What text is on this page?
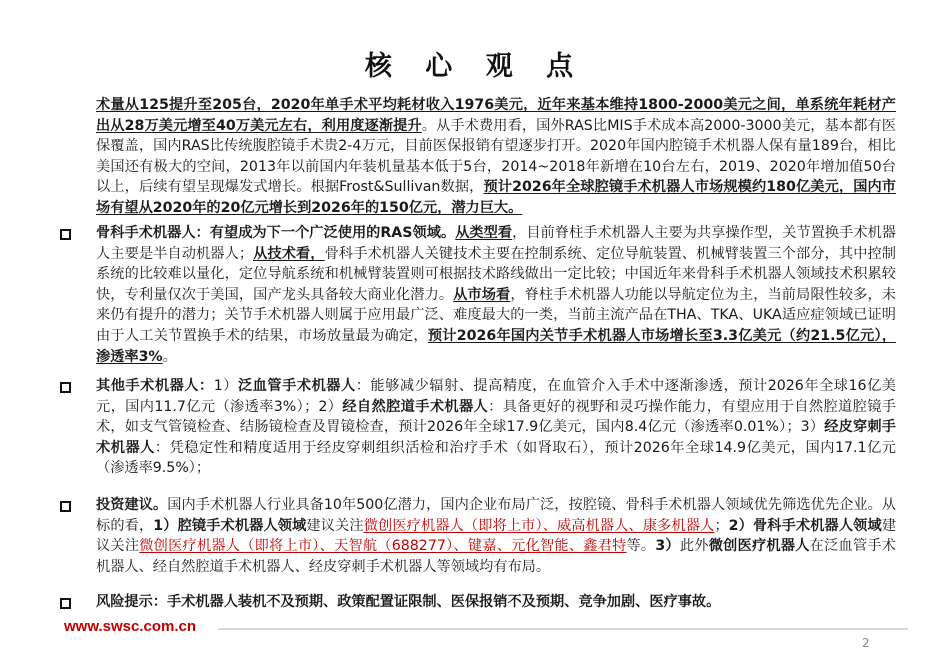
核 心 观 点

术量从125提升至205台，2020年单手术平均耗材收入1976美元，近年来基本维持1800-2000美元之间，单系统年耗材产出从28万美元增至40万美元左右，利用度逐渐提升。从手术费用看，国外RAS比MIS手术成本高2000-3000美元，基本都有医保覆盖，国内RAS比传统腹腔镜手术贵2-4万元，目前医保报销有望逐步打开。2020年国内腔镜手术机器人保有量189台，相比美国还有极大的空间，2013年以前国内年装机量基本低于5台，2014~2018年新增在10台左右，2019、2020年增加值50台以上，后续有望呈现爆发式增长。根据Frost&Sullivan数据，预计2026年全球腔镜手术机器人市场规模约180亿美元，国内市场有望从2020年的20亿元增长到2026年的150亿元，潜力巨大。

骨科手术机器人：有望成为下一个广泛使用的RAS领域。从类型看，目前脊柱手术机器人主要为共享操作型，关节置换手术机器人主要是半自动机器人；从技术看，骨科手术机器人关键技术主要在控制系统、定位导航装置、机械臂装置三个部分，其中控制系统的比较难以量化，定位导航系统和机械臂装置则可根据技术路线做出一定比较；中国近年来骨科手术机器人领域技术积累较快，专利量仅次于美国，国产龙头具备较大商业化潜力。从市场看，脊柱手术机器人功能以导航定位为主，当前局限性较多，未来仍有提升的潜力；关节手术机器人则属于应用最广泛、难度最大的一类，当前主流产品在THA、TKA、UKA适应症领域已证明由于人工关节置换手术的结果，市场放量最为确定，预计2026年国内关节手术机器人市场增长至3.3亿美元（约21.5亿元），渗透率3%。

其他手术机器人：1）泛血管手术机器人：能够减少辐射、提高精度，在血管介入手术中逐渐渗透，预计2026年全球16亿美元，国内11.7亿元（渗透率3%）；2）经自然腔道手术机器人：具备更好的视野和灵巧操作能力，有望应用于自然腔道腔镜手术，如支气管镜检查、结肠镜检查及胃镜检查，预计2026年全球17.9亿美元，国内8.4亿元（渗透率0.01%）；3）经皮穿刺手术机器人：凭稳定性和精度适用于经皮穿刺组织活检和治疗手术（如肾取石），预计2026年全球14.9亿美元，国内17.1亿元（渗透率9.5%）；

投资建议。国内手术机器人行业具备10年500亿潜力，国内企业布局广泛，按腔镜、骨科手术机器人领域优先筛选优先企业。从标的看，1）腔镜手术机器人领域建议关注微创医疗机器人（即将上市）、威高机器人、康多机器人；2）骨科手术机器人领域建议关注微创医疗机器人（即将上市）、天智航（688277）、键嘉、元化智能、鑫君特等。3）此外微创医疗机器人在泛血管手术机器人、经自然腔道手术机器人、经皮穿刺手术机器人等领域均有布局。

风险提示：手术机器人装机不及预期、政策配置证限制、医保报销不及预期、竞争加剧、医疗事故。

www.swsc.com.cn
2
